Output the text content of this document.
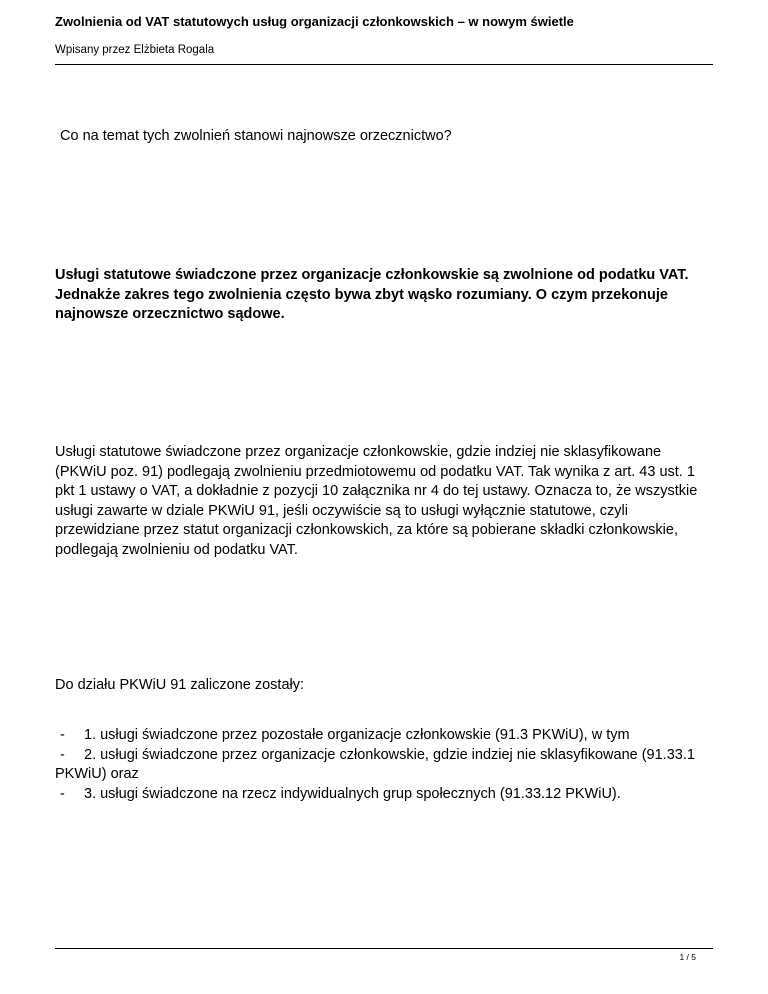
Zwolnienia od VAT statutowych usług organizacji członkowskich – w nowym świetle
Wpisany przez Elżbieta Rogala
Co na temat tych zwolnień stanowi najnowsze orzecznictwo?
Usługi statutowe świadczone przez organizacje członkowskie są zwolnione od podatku VAT. Jednakże zakres tego zwolnienia często bywa zbyt wąsko rozumiany. O czym przekonuje najnowsze orzecznictwo sądowe.
Usługi statutowe świadczone przez organizacje członkowskie, gdzie indziej nie sklasyfikowane (PKWiU poz. 91) podlegają zwolnieniu przedmiotowemu od podatku VAT. Tak wynika z art. 43 ust. 1 pkt 1 ustawy o VAT, a dokładnie z pozycji 10 załącznika nr 4 do tej ustawy. Oznacza to, że wszystkie usługi zawarte w dziale PKWiU 91, jeśli oczywiście są to usługi wyłącznie statutowe, czyli przewidziane przez statut organizacji członkowskich, za które są pobierane składki członkowskie, podlegają zwolnieniu od podatku VAT.
Do działu PKWiU 91 zaliczone zostały:
- 1. usługi świadczone przez pozostałe organizacje członkowskie (91.3 PKWiU), w tym
- 2. usługi świadczone przez organizacje członkowskie, gdzie indziej nie sklasyfikowane (91.33.1 PKWiU) oraz
- 3. usługi świadczone na rzecz indywidualnych grup społecznych (91.33.12 PKWiU).
1 / 5
